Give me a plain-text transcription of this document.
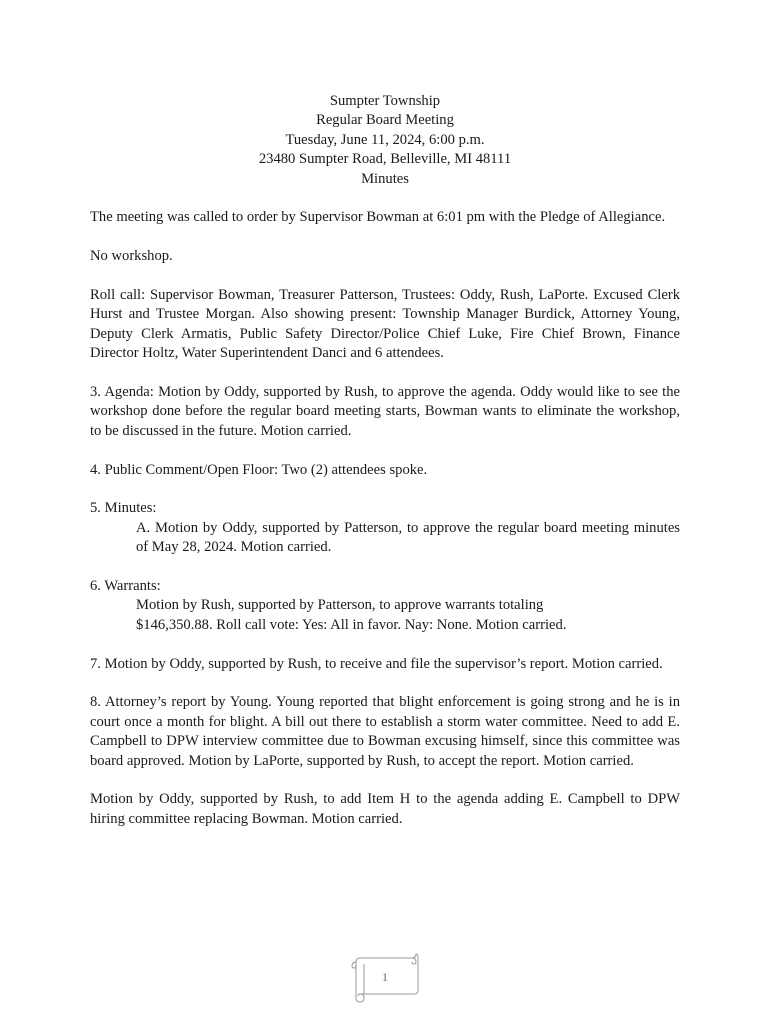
Sumpter Township
Regular Board Meeting
Tuesday, June 11, 2024, 6:00 p.m.
23480 Sumpter Road, Belleville, MI 48111
Minutes

The meeting was called to order by Supervisor Bowman at 6:01 pm with the Pledge of Allegiance.

No workshop.

Roll call: Supervisor Bowman, Treasurer Patterson, Trustees: Oddy, Rush, LaPorte. Excused Clerk Hurst and Trustee Morgan. Also showing present: Township Manager Burdick, Attorney Young, Deputy Clerk Armatis, Public Safety Director/Police Chief Luke, Fire Chief Brown, Finance Director Holtz, Water Superintendent Danci and 6 attendees.

3. Agenda: Motion by Oddy, supported by Rush, to approve the agenda. Oddy would like to see the workshop done before the regular board meeting starts, Bowman wants to eliminate the workshop, to be discussed in the future. Motion carried.

4. Public Comment/Open Floor: Two (2) attendees spoke.

5. Minutes:

A. Motion by Oddy, supported by Patterson, to approve the regular board meeting minutes of May 28, 2024. Motion carried.

6. Warrants:

Motion by Rush, supported by Patterson, to approve warrants totaling

$146,350.88. Roll call vote: Yes: All in favor. Nay: None. Motion carried.

7. Motion by Oddy, supported by Rush, to receive and file the supervisor’s report. Motion carried.

8. Attorney’s report by Young. Young reported that blight enforcement is going strong and he is in court once a month for blight. A bill out there to establish a storm water committee. Need to add E. Campbell to DPW interview committee due to Bowman excusing himself, since this committee was board approved. Motion by LaPorte, supported by Rush, to accept the report. Motion carried.

Motion by Oddy, supported by Rush, to add Item H to the agenda adding E. Campbell to DPW hiring committee replacing Bowman. Motion carried.

1
